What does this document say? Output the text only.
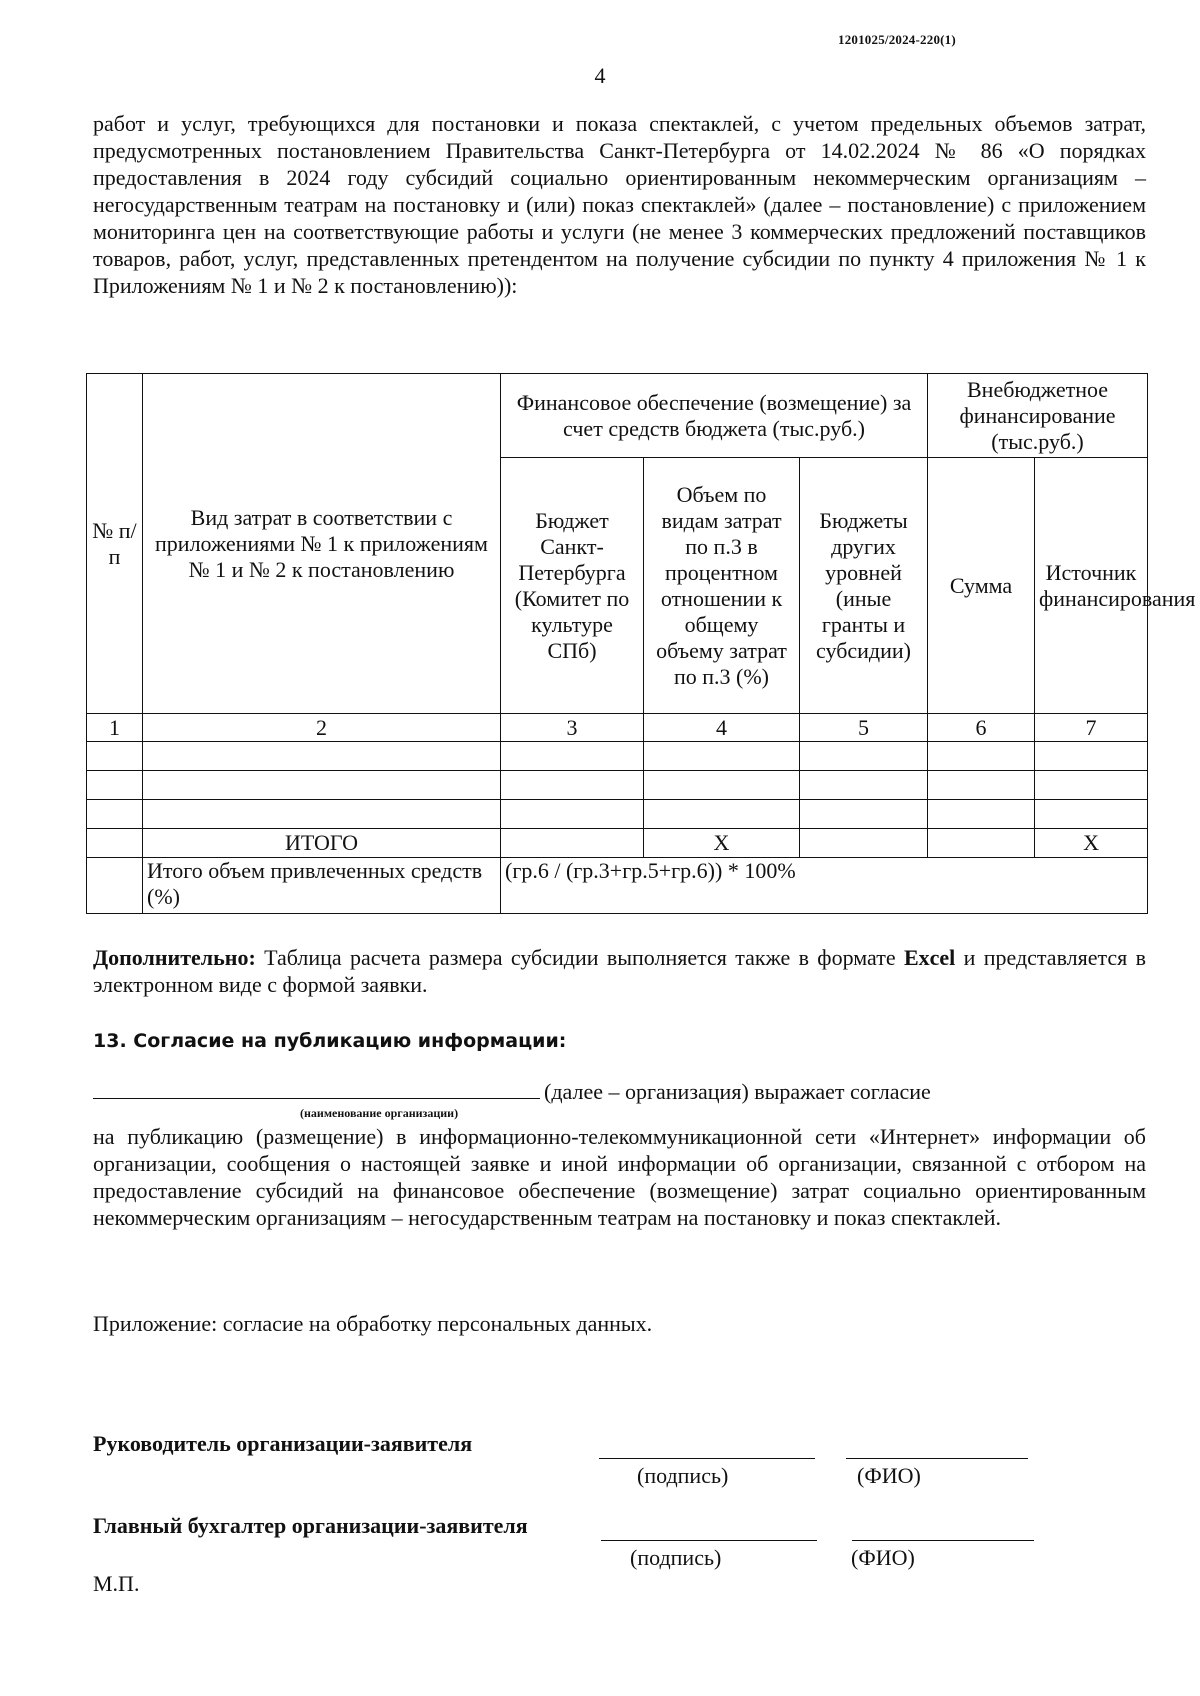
1201025/2024-220(1)
4
работ и услуг, требующихся для постановки и показа спектаклей, с учетом предельных объемов затрат, предусмотренных постановлением Правительства Санкт-Петербурга от 14.02.2024 № 86 «О порядках предоставления в 2024 году субсидий социально ориентированным некоммерческим организациям – негосударственным театрам на постановку и (или) показ спектаклей» (далее – постановление) с приложением мониторинга цен на соответствующие работы и услуги (не менее 3 коммерческих предложений поставщиков товаров, работ, услуг, представленных претендентом на получение субсидии по пункту 4 приложения № 1 к Приложениям № 1 и № 2 к постановлению)):
№ п/п	Вид затрат в соответствии с приложениями № 1 к приложениям № 1 и № 2 к постановлению	Финансовое обеспечение (возмещение) за счет средств бюджета (тыс.руб.)			Внебюджетное финансирование (тыс.руб.)	
		Бюджет Санкт-Петербурга (Комитет по культуре СПб)	Объем по видам затрат по п.3 в процентном отношении к общему объему затрат по п.3 (%)	Бюджеты других уровней (иные гранты и субсидии)	Сумма	Источник финансирования
1	2	3	4	5	6	7

	ИТОГО		Х			Х
	Итого объем привлеченных средств (%)	(гр.6 / (гр.3+гр.5+гр.6)) * 100%				
Дополнительно: Таблица расчета размера субсидии выполняется также в формате Excel и представляется в электронном виде с формой заявки.
13. Согласие на публикацию информации:
(далее – организация) выражает согласие
(наименование организации)
на публикацию (размещение) в информационно-телекоммуникационной сети «Интернет» информации об организации, сообщения о настоящей заявке и иной информации об организации, связанной с отбором на предоставление субсидий на финансовое обеспечение (возмещение) затрат социально ориентированным некоммерческим организациям – негосударственным театрам на постановку и показ спектаклей.
Приложение: согласие на обработку персональных данных.
Руководитель организации-заявителя
(подпись)	(ФИО)
Главный бухгалтер организации-заявителя
(подпись)	(ФИО)
М.П.
